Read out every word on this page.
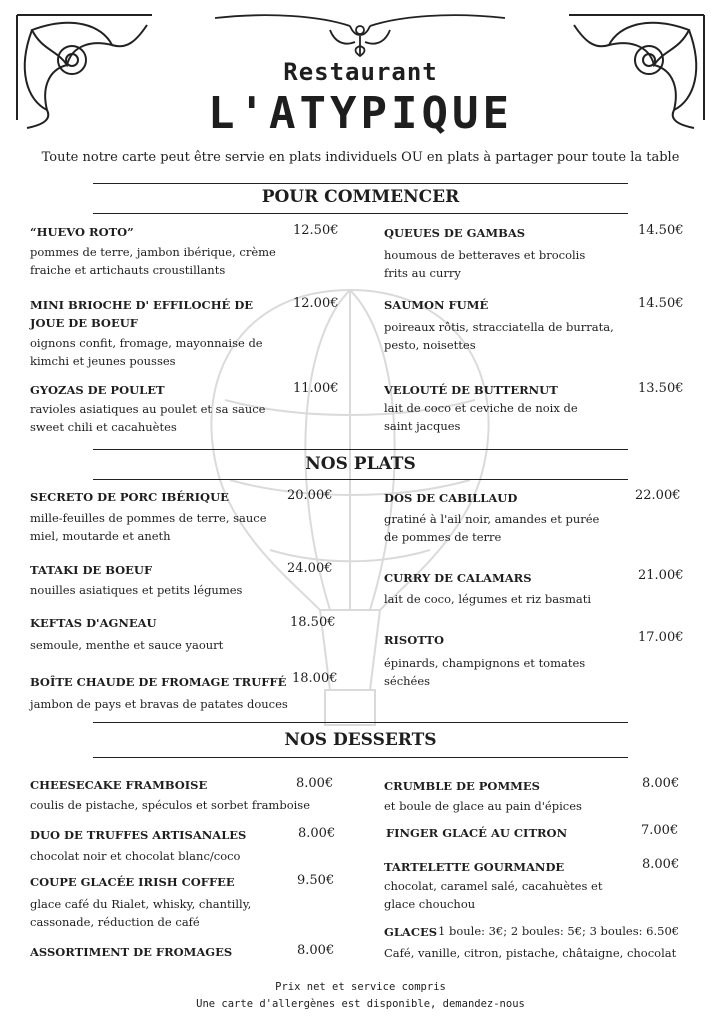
Restaurant
L'ATYPIQUE
Toute notre carte peut être servie en plats individuels OU en plats à partager pour toute la table
POUR COMMENCER
“HUEVO ROTO”	12.50€
pommes de terre, jambon ibérique, crème
fraiche et artichauts croustillants
QUEUES DE GAMBAS	14.50€
houmous de betteraves et brocolis
frits au curry
MINI BRIOCHE D' EFFILOCHÉ DE
JOUE DE BOEUF
12.00€
oignons confit, fromage, mayonnaise de
kimchi et jeunes pousses
SAUMON FUMÉ	14.50€
poireaux rôtis, stracciatella de burrata,
pesto, noisettes
GYOZAS DE POULET	11.00€
ravioles asiatiques au poulet et sa sauce
sweet chili et cacahuètes
VELOUTÉ DE BUTTERNUT	13.50€
lait de coco et ceviche de noix de
saint jacques
NOS PLATS
SECRETO DE PORC IBÉRIQUE	20.00€
mille-feuilles de pommes de terre, sauce
miel, moutarde et aneth
DOS DE CABILLAUD	22.00€
gratiné à l'ail noir, amandes et purée
de pommes de terre
TATAKI DE BOEUF	24.00€
nouilles asiatiques et petits légumes
CURRY DE CALAMARS	21.00€
lait de coco, légumes et riz basmati
KEFTAS D'AGNEAU	18.50€
semoule, menthe et sauce yaourt	RISOTTO	17.00€
épinards, champignons et tomates
séchées
BOÎTE CHAUDE DE FROMAGE TRUFFÉ 18.00€
jambon de pays et bravas de patates douces
NOS DESSERTS
CHEESECAKE FRAMBOISE	8.00€
coulis de pistache, spéculos et sorbet framboise
CRUMBLE DE POMMES	8.00€
et boule de glace au pain d'épices
DUO DE TRUFFES ARTISANALES	8.00€
chocolat noir et chocolat blanc/coco
FINGER GLACÉ AU CITRON	7.00€
COUPE GLACÉE IRISH COFFEE	9.50€
glace café du Rialet, whisky, chantilly,
cassonade, réduction de café
TARTELETTE GOURMANDE	8.00€
chocolat, caramel salé, cacahuètes et
glace chouchou
ASSORTIMENT DE FROMAGES	8.00€
GLACES 1 boule: 3€; 2 boules: 5€; 3 boules: 6.50€
Café, vanille, citron, pistache, châtaigne, chocolat
Prix net et service compris
Une carte d'allergènes est disponible, demandez-nous
